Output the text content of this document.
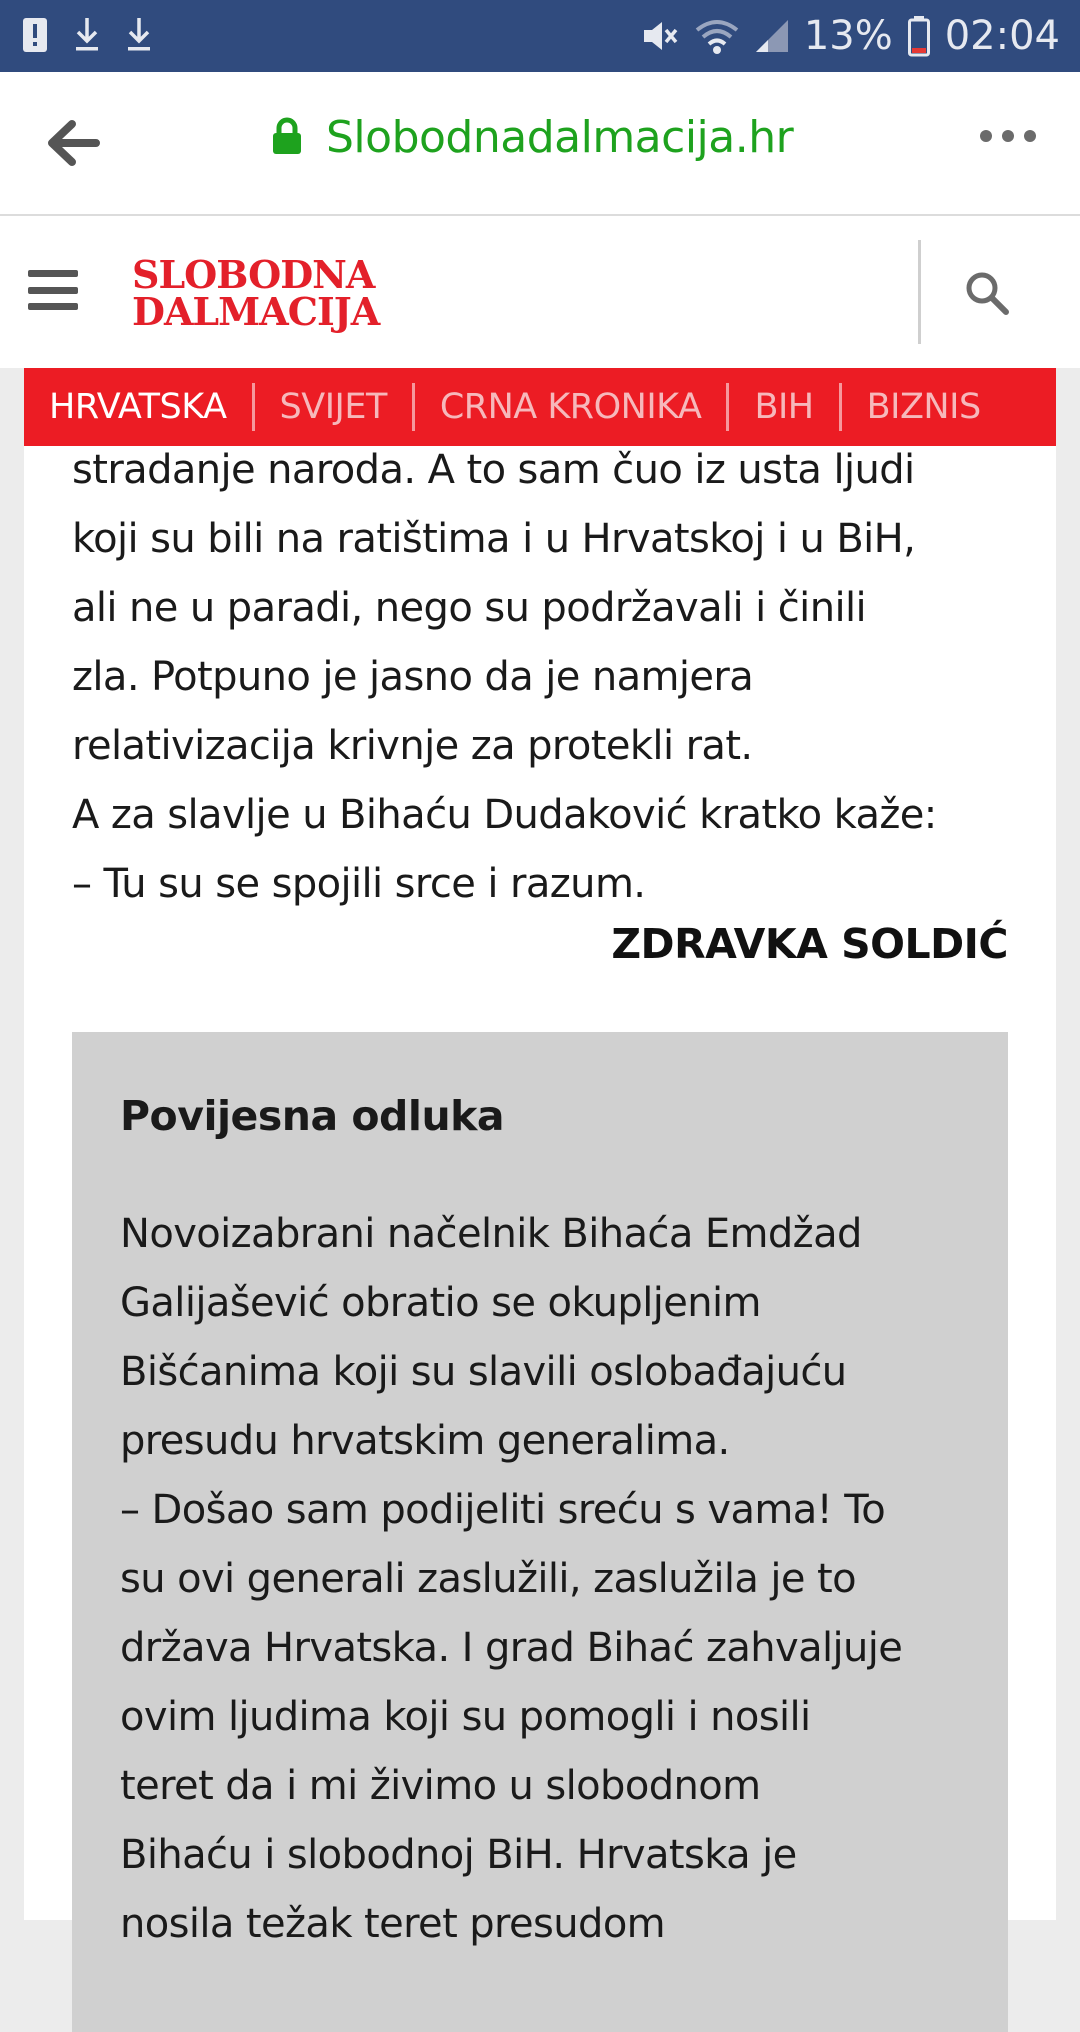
13% 02:04
Slobodnadalmacija.hr
SLOBODNA
DALMACIJA

stradanje naroda. A to sam čuo iz usta ljudi

koji su bili na ratištima i u Hrvatskoj i u BiH,

ali ne u paradi, nego su podržavali i činili

zla. Potpuno je jasno da je namjera

relativizacija krivnje za protekli rat.

A za slavlje u Bihaću Dudaković kratko kaže:

– Tu su se spojili srce i razum.

ZDRAVKA SOLDIĆ
Povijesna odluka

Novoizabrani načelnik Bihaća Emdžad

Galijašević obratio se okupljenim

Bišćanima koji su slavili oslobađajuću

presudu hrvatskim generalima.

– Došao sam podijeliti sreću s vama! To

su ovi generali zaslužili, zaslužila je to

država Hrvatska. I grad Bihać zahvaljuje

ovim ljudima koji su pomogli i nosili

teret da i mi živimo u slobodnom

Bihaću i slobodnoj BiH. Hrvatska je

nosila težak teret presudom

HRVATSKA	SVIJET	CRNA KRONIKA	BIH	BIZNIS
